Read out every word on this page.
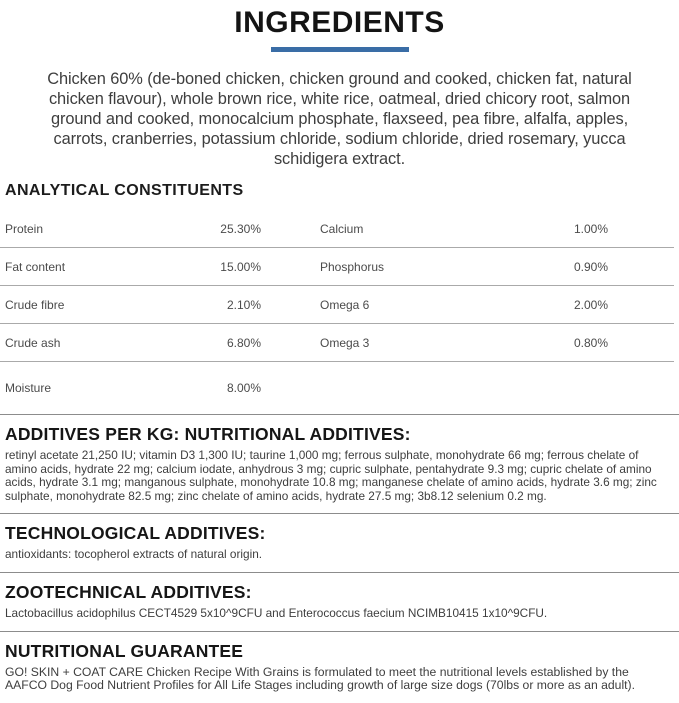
INGREDIENTS

Chicken 60% (de-boned chicken, chicken ground and cooked, chicken fat, natural chicken flavour), whole brown rice, white rice, oatmeal, dried chicory root, salmon ground and cooked, monocalcium phosphate, flaxseed, pea fibre, alfalfa, apples, carrots, cranberries, potassium chloride, sodium chloride, dried rosemary, yucca schidigera extract.

ANALYTICAL CONSTITUENTS
Protein	25.30%	Calcium	1.00%
Fat content	15.00%	Phosphorus	0.90%
Crude fibre	2.10%	Omega 6	2.00%
Crude ash	6.80%	Omega 3	0.80%
Moisture	8.00%
ADDITIVES PER KG: NUTRITIONAL ADDITIVES:

retinyl acetate 21,250 IU; vitamin D3 1,300 IU; taurine 1,000 mg; ferrous sulphate, monohydrate 66 mg; ferrous chelate of amino acids, hydrate 22 mg; calcium iodate, anhydrous 3 mg; cupric sulphate, pentahydrate 9.3 mg; cupric chelate of amino acids, hydrate 3.1 mg; manganous sulphate, monohydrate 10.8 mg; manganese chelate of amino acids, hydrate 3.6 mg; zinc sulphate, monohydrate 82.5 mg; zinc chelate of amino acids, hydrate 27.5 mg; 3b8.12 selenium 0.2 mg.

TECHNOLOGICAL ADDITIVES:

antioxidants: tocopherol extracts of natural origin.

ZOOTECHNICAL ADDITIVES:

Lactobacillus acidophilus CECT4529 5x10^9CFU and Enterococcus faecium NCIMB10415 1x10^9CFU.

NUTRITIONAL GUARANTEE

GO! SKIN + COAT CARE Chicken Recipe With Grains is formulated to meet the nutritional levels established by the AAFCO Dog Food Nutrient Profiles for All Life Stages including growth of large size dogs (70lbs or more as an adult).
